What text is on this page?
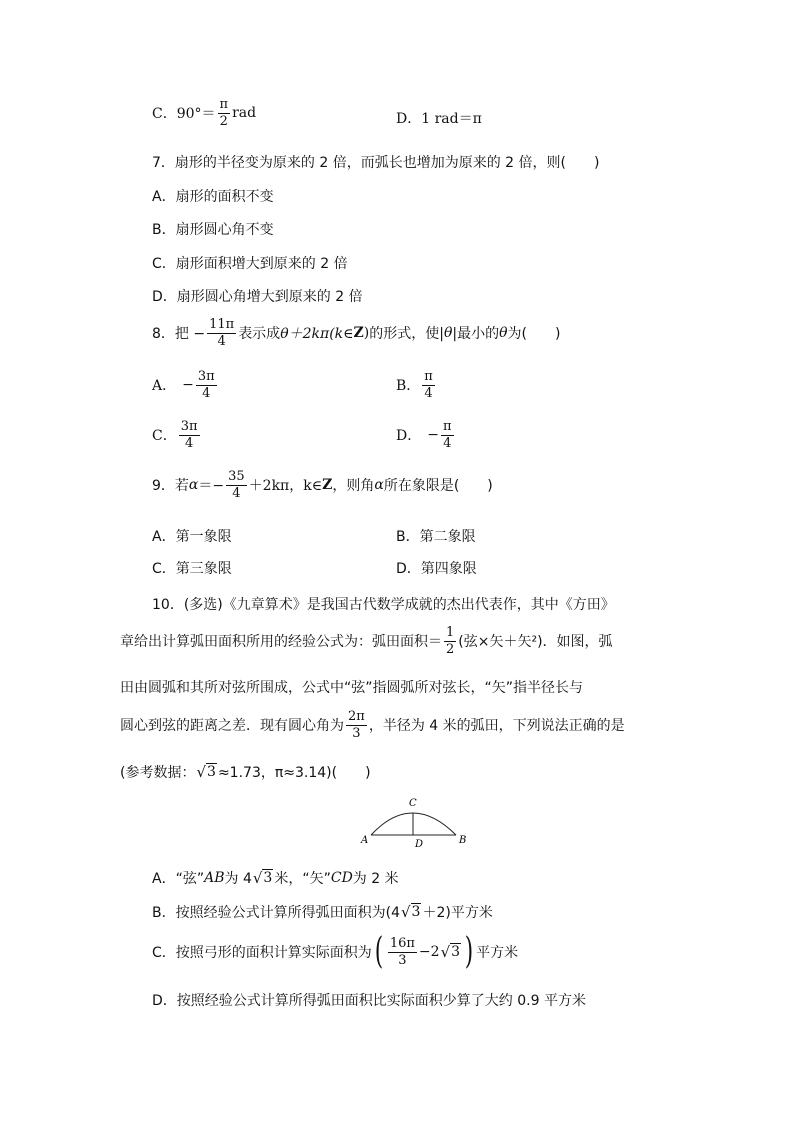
C．$90^\circ= \frac{\pi}{2}$ rad	D．1 rad＝π
7．扇形的半径变为原来的 2 倍，而弧长也增加为原来的 2 倍，则(　　)
A．扇形的面积不变
B．扇形圆心角不变
C．扇形面积增大到原来的 2 倍
D．扇形圆心角增大到原来的 2 倍
8．把 − $\frac{11\pi}{4}$ 表示成 θ＋2kπ(k∈ Z ) 的形式，使| θ |最小的 θ 为(　　)
A． − $\frac{3\pi}{4}$	B． $\frac{\pi}{4}$
C． $\frac{3\pi}{4}$	D． − $\frac{\pi}{4}$
9．若 $\alpha =- \frac{35}{4} +2k\pi$，k∈ Z ，则角 α 所在象限是(　　)
A．第一象限	B．第二象限
C．第三象限	D．第四象限
10．(多选)《九章算术》是我国古代数学成就的杰出代表作，其中《方田》
章给出计算弧田面积所用的经验公式为：弧田面积＝ $\frac{1}{2}$ (弦×矢＋矢²)．如图，弧
田由圆弧和其所对弦所围成，公式中“弦”指圆弧所对弦长，“矢”指半径长与
圆心到弦的距离之差．现有圆心角为 $\frac{2\pi}{3}$ ，半径为 4 米的弧田，下列说法正确的是
(参考数据： √ 3 ≈1.73，π≈3.14)(　　)
A	B
C
D
A．“弦” AB 为 4 √ 3 米，“矢” CD 为 2 米
B．按照经验公式计算所得弧田面积为(4 √ 3 ＋2)平方米
C．按照弓形的面积计算实际面积为 ( $\frac{16\pi}{3} -2$ √ 3 ) 平方米
D．按照经验公式计算所得弧田面积比实际面积少算了大约 0.9 平方米
